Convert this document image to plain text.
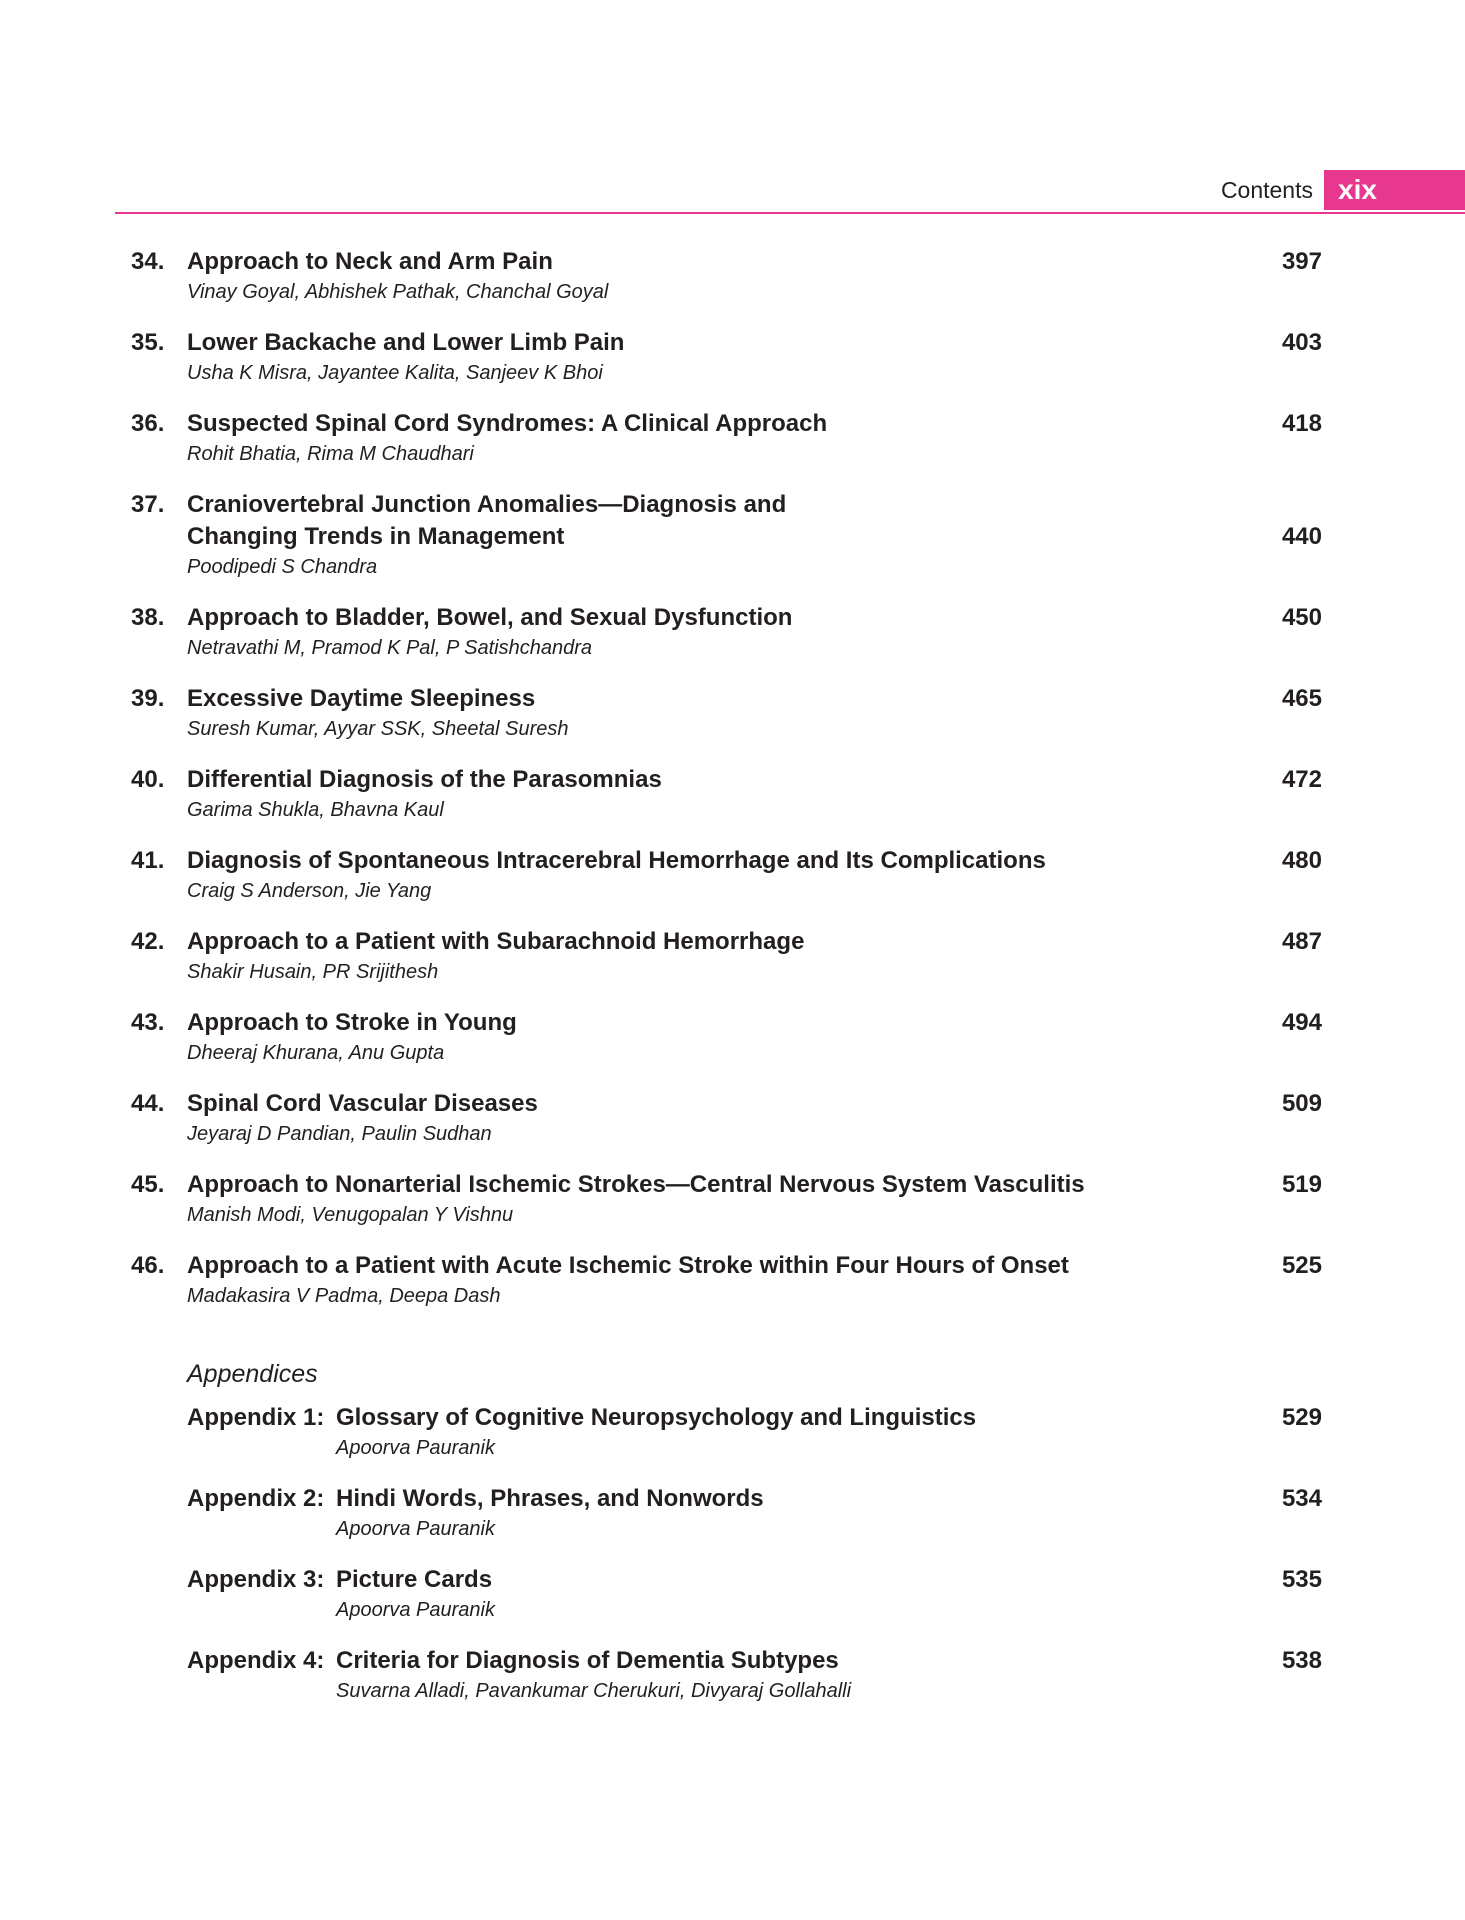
Contents xix
34. Approach to Neck and Arm Pain
Vinay Goyal, Abhishek Pathak, Chanchal Goyal
397
35. Lower Backache and Lower Limb Pain
Usha K Misra, Jayantee Kalita, Sanjeev K Bhoi
403
36. Suspected Spinal Cord Syndromes: A Clinical Approach
Rohit Bhatia, Rima M Chaudhari
418
37. Craniovertebral Junction Anomalies—Diagnosis and
Changing Trends in Management
Poodipedi S Chandra
440
38. Approach to Bladder, Bowel, and Sexual Dysfunction
Netravathi M, Pramod K Pal, P Satishchandra
450
39. Excessive Daytime Sleepiness
Suresh Kumar, Ayyar SSK, Sheetal Suresh
465
40. Differential Diagnosis of the Parasomnias
Garima Shukla, Bhavna Kaul
472
41. Diagnosis of Spontaneous Intracerebral Hemorrhage and Its Complications
Craig S Anderson, Jie Yang
480
42. Approach to a Patient with Subarachnoid Hemorrhage
Shakir Husain, PR Srijithesh
487
43. Approach to Stroke in Young
Dheeraj Khurana, Anu Gupta
494
44. Spinal Cord Vascular Diseases
Jeyaraj D Pandian, Paulin Sudhan
509
45. Approach to Nonarterial Ischemic Strokes—Central Nervous System Vasculitis
Manish Modi, Venugopalan Y Vishnu
519
46. Approach to a Patient with Acute Ischemic Stroke within Four Hours of Onset
Madakasira V Padma, Deepa Dash
525
Appendices
Appendix 1: Glossary of Cognitive Neuropsychology and Linguistics
Apoorva Pauranik
529
Appendix 2: Hindi Words, Phrases, and Nonwords
Apoorva Pauranik
534
Appendix 3: Picture Cards
Apoorva Pauranik
535
Appendix 4: Criteria for Diagnosis of Dementia Subtypes
Suvarna Alladi, Pavankumar Cherukuri, Divyaraj Gollahalli
538
